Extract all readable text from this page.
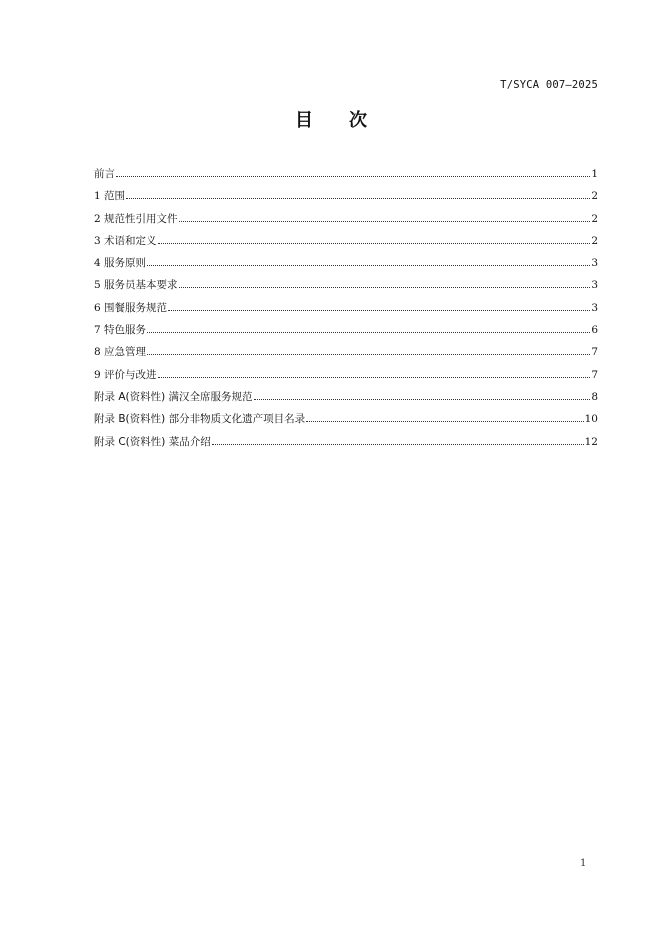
T/SYCA 007—2025
目 次
前言	1
1 范围	2
2 规范性引用文件	2
3 术语和定义	2
4 服务原则	3
5 服务员基本要求	3
6 围餐服务规范	3
7 特色服务	6
8 应急管理	7
9 评价与改进	7
附录 A(资料性) 满汉全席服务规范	8
附录 B(资料性) 部分非物质文化遗产项目名录	10
附录 C(资料性) 菜品介绍	12
1
